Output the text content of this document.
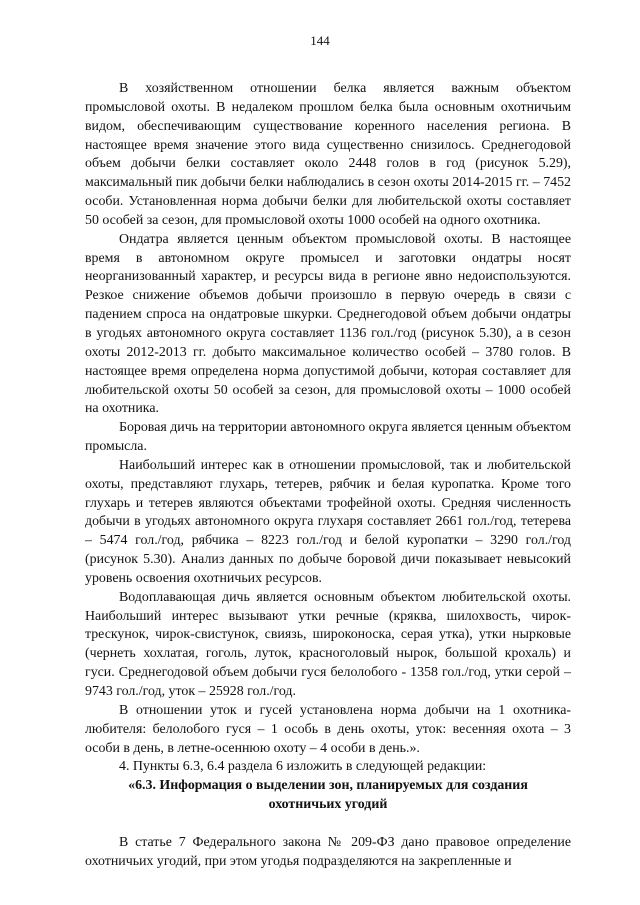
144

В хозяйственном отношении белка является важным объектом промысловой охоты. В недалеком прошлом белка была основным охотничьим видом, обеспечивающим существование коренного населения региона. В настоящее время значение этого вида существенно снизилось. Среднегодовой объем добычи белки составляет около 2448 голов в год (рисунок 5.29), максимальный пик добычи белки наблюдались в сезон охоты 2014-2015 гг. – 7452 особи. Установленная норма добычи белки для любительской охоты составляет 50 особей за сезон, для промысловой охоты 1000 особей на одного охотника.

Ондатра является ценным объектом промысловой охоты. В настоящее время в автономном округе промысел и заготовки ондатры носят неорганизованный характер, и ресурсы вида в регионе явно недоиспользуются. Резкое снижение объемов добычи произошло в первую очередь в связи с падением спроса на ондатровые шкурки. Среднегодовой объем добычи ондатры в угодьях автономного округа составляет 1136 гол./год (рисунок 5.30), а в сезон охоты 2012-2013 гг. добыто максимальное количество особей – 3780 голов. В настоящее время определена норма допустимой добычи, которая составляет для любительской охоты 50 особей за сезон, для промысловой охоты – 1000 особей на охотника.

Боровая дичь на территории автономного округа является ценным объектом промысла.

Наибольший интерес как в отношении промысловой, так и любительской охоты, представляют глухарь, тетерев, рябчик и белая куропатка. Кроме того глухарь и тетерев являются объектами трофейной охоты. Средняя численность добычи в угодьях автономного округа глухаря составляет 2661 гол./год, тетерева – 5474 гол./год, рябчика – 8223 гол./год и белой куропатки – 3290 гол./год (рисунок 5.30). Анализ данных по добыче боровой дичи показывает невысокий уровень освоения охотничьих ресурсов.

Водоплавающая дичь является основным объектом любительской охоты. Наибольший интерес вызывают утки речные (кряква, шилохвость, чирок-трескунок, чирок-свистунок, свиязь, широконоска, серая утка), утки нырковые (чернеть хохлатая, гоголь, луток, красноголовый нырок, большой крохаль) и гуси. Среднегодовой объем добычи гуся белолобого - 1358 гол./год, утки серой – 9743 гол./год, уток – 25928 гол./год.

В отношении уток и гусей установлена норма добычи на 1 охотника-любителя: белолобого гуся – 1 особь в день охоты, уток: весенняя охота – 3 особи в день, в летне-осеннюю охоту – 4 особи в день.».

4. Пункты 6.3, 6.4 раздела 6 изложить в следующей редакции:

«6.3. Информация о выделении зон, планируемых для создания охотничьих угодий

В статье 7 Федерального закона № 209-ФЗ дано правовое определение охотничьих угодий, при этом угодья подразделяются на закрепленные и
